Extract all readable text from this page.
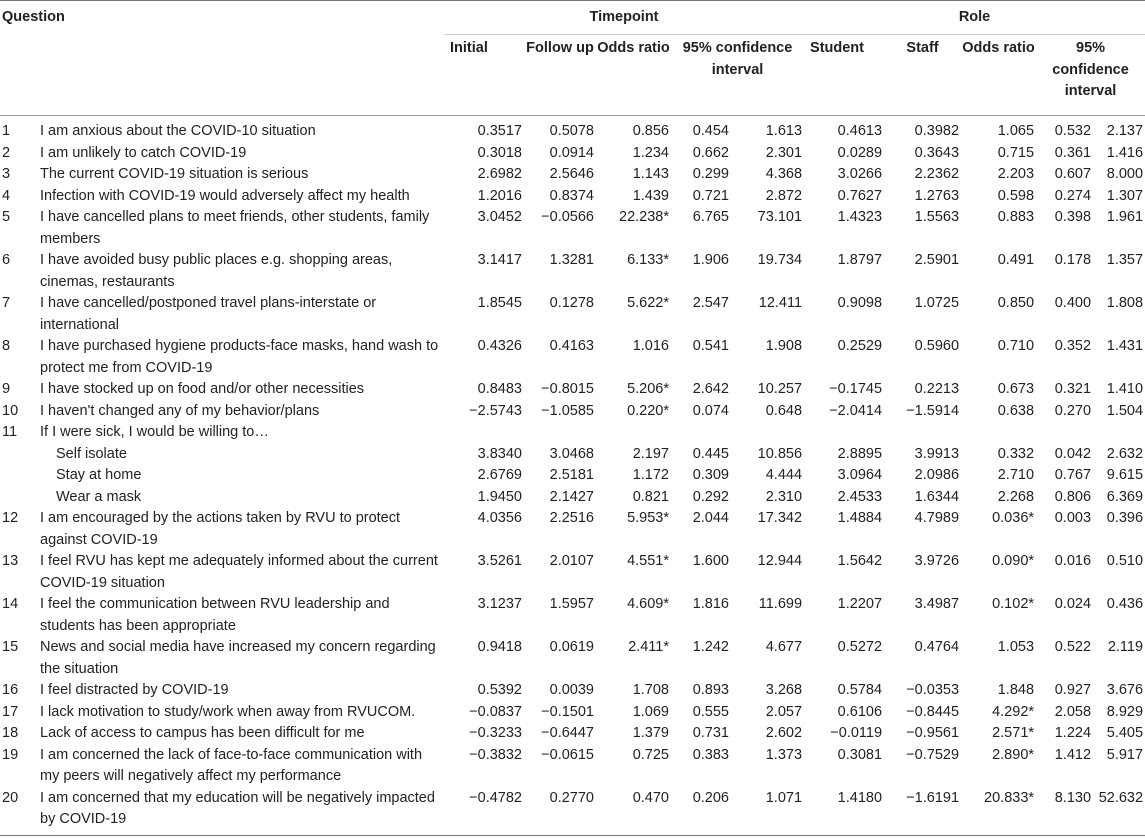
Question		Timepoint					Role				
		Initial	Follow up	Odds ratio	95% confidence interval		Student	Staff	Odds ratio	95% confidence interval	
1	I am anxious about the COVID-10 situation	0.3517	0.5078	0.856	0.454	1.613	0.4613	0.3982	1.065	0.532	2.137
2	I am unlikely to catch COVID-19	0.3018	0.0914	1.234	0.662	2.301	0.0289	0.3643	0.715	0.361	1.416
3	The current COVID-19 situation is serious	2.6982	2.5646	1.143	0.299	4.368	3.0266	2.2362	2.203	0.607	8.000
4	Infection with COVID-19 would adversely affect my health	1.2016	0.8374	1.439	0.721	2.872	0.7627	1.2763	0.598	0.274	1.307
5	I have cancelled plans to meet friends, other students, family members	3.0452	−0.0566	22.238*	6.765	73.101	1.4323	1.5563	0.883	0.398	1.961
6	I have avoided busy public places e.g. shopping areas, cinemas, restaurants	3.1417	1.3281	6.133*	1.906	19.734	1.8797	2.5901	0.491	0.178	1.357
7	I have cancelled/postponed travel plans-interstate or international	1.8545	0.1278	5.622*	2.547	12.411	0.9098	1.0725	0.850	0.400	1.808
8	I have purchased hygiene products-face masks, hand wash to protect me from COVID-19	0.4326	0.4163	1.016	0.541	1.908	0.2529	0.5960	0.710	0.352	1.431
9	I have stocked up on food and/or other necessities	0.8483	−0.8015	5.206*	2.642	10.257	−0.1745	0.2213	0.673	0.321	1.410
10	I haven't changed any of my behavior/plans	−2.5743	−1.0585	0.220*	0.074	0.648	−2.0414	−1.5914	0.638	0.270	1.504
11	If I were sick, I would be willing to…										
	Self isolate	3.8340	3.0468	2.197	0.445	10.856	2.8895	3.9913	0.332	0.042	2.632
	Stay at home	2.6769	2.5181	1.172	0.309	4.444	3.0964	2.0986	2.710	0.767	9.615
	Wear a mask	1.9450	2.1427	0.821	0.292	2.310	2.4533	1.6344	2.268	0.806	6.369
12	I am encouraged by the actions taken by RVU to protect against COVID-19	4.0356	2.2516	5.953*	2.044	17.342	1.4884	4.7989	0.036*	0.003	0.396
13	I feel RVU has kept me adequately informed about the current COVID-19 situation	3.5261	2.0107	4.551*	1.600	12.944	1.5642	3.9726	0.090*	0.016	0.510
14	I feel the communication between RVU leadership and students has been appropriate	3.1237	1.5957	4.609*	1.816	11.699	1.2207	3.4987	0.102*	0.024	0.436
15	News and social media have increased my concern regarding the situation	0.9418	0.0619	2.411*	1.242	4.677	0.5272	0.4764	1.053	0.522	2.119
16	I feel distracted by COVID-19	0.5392	0.0039	1.708	0.893	3.268	0.5784	−0.0353	1.848	0.927	3.676
17	I lack motivation to study/work when away from RVUCOM.	−0.0837	−0.1501	1.069	0.555	2.057	0.6106	−0.8445	4.292*	2.058	8.929
18	Lack of access to campus has been difficult for me	−0.3233	−0.6447	1.379	0.731	2.602	−0.0119	−0.9561	2.571*	1.224	5.405
19	I am concerned the lack of face-to-face communication with my peers will negatively affect my performance	−0.3832	−0.0615	0.725	0.383	1.373	0.3081	−0.7529	2.890*	1.412	5.917
20	I am concerned that my education will be negatively impacted by COVID-19	−0.4782	0.2770	0.470	0.206	1.071	1.4180	−1.6191	20.833*	8.130	52.632
